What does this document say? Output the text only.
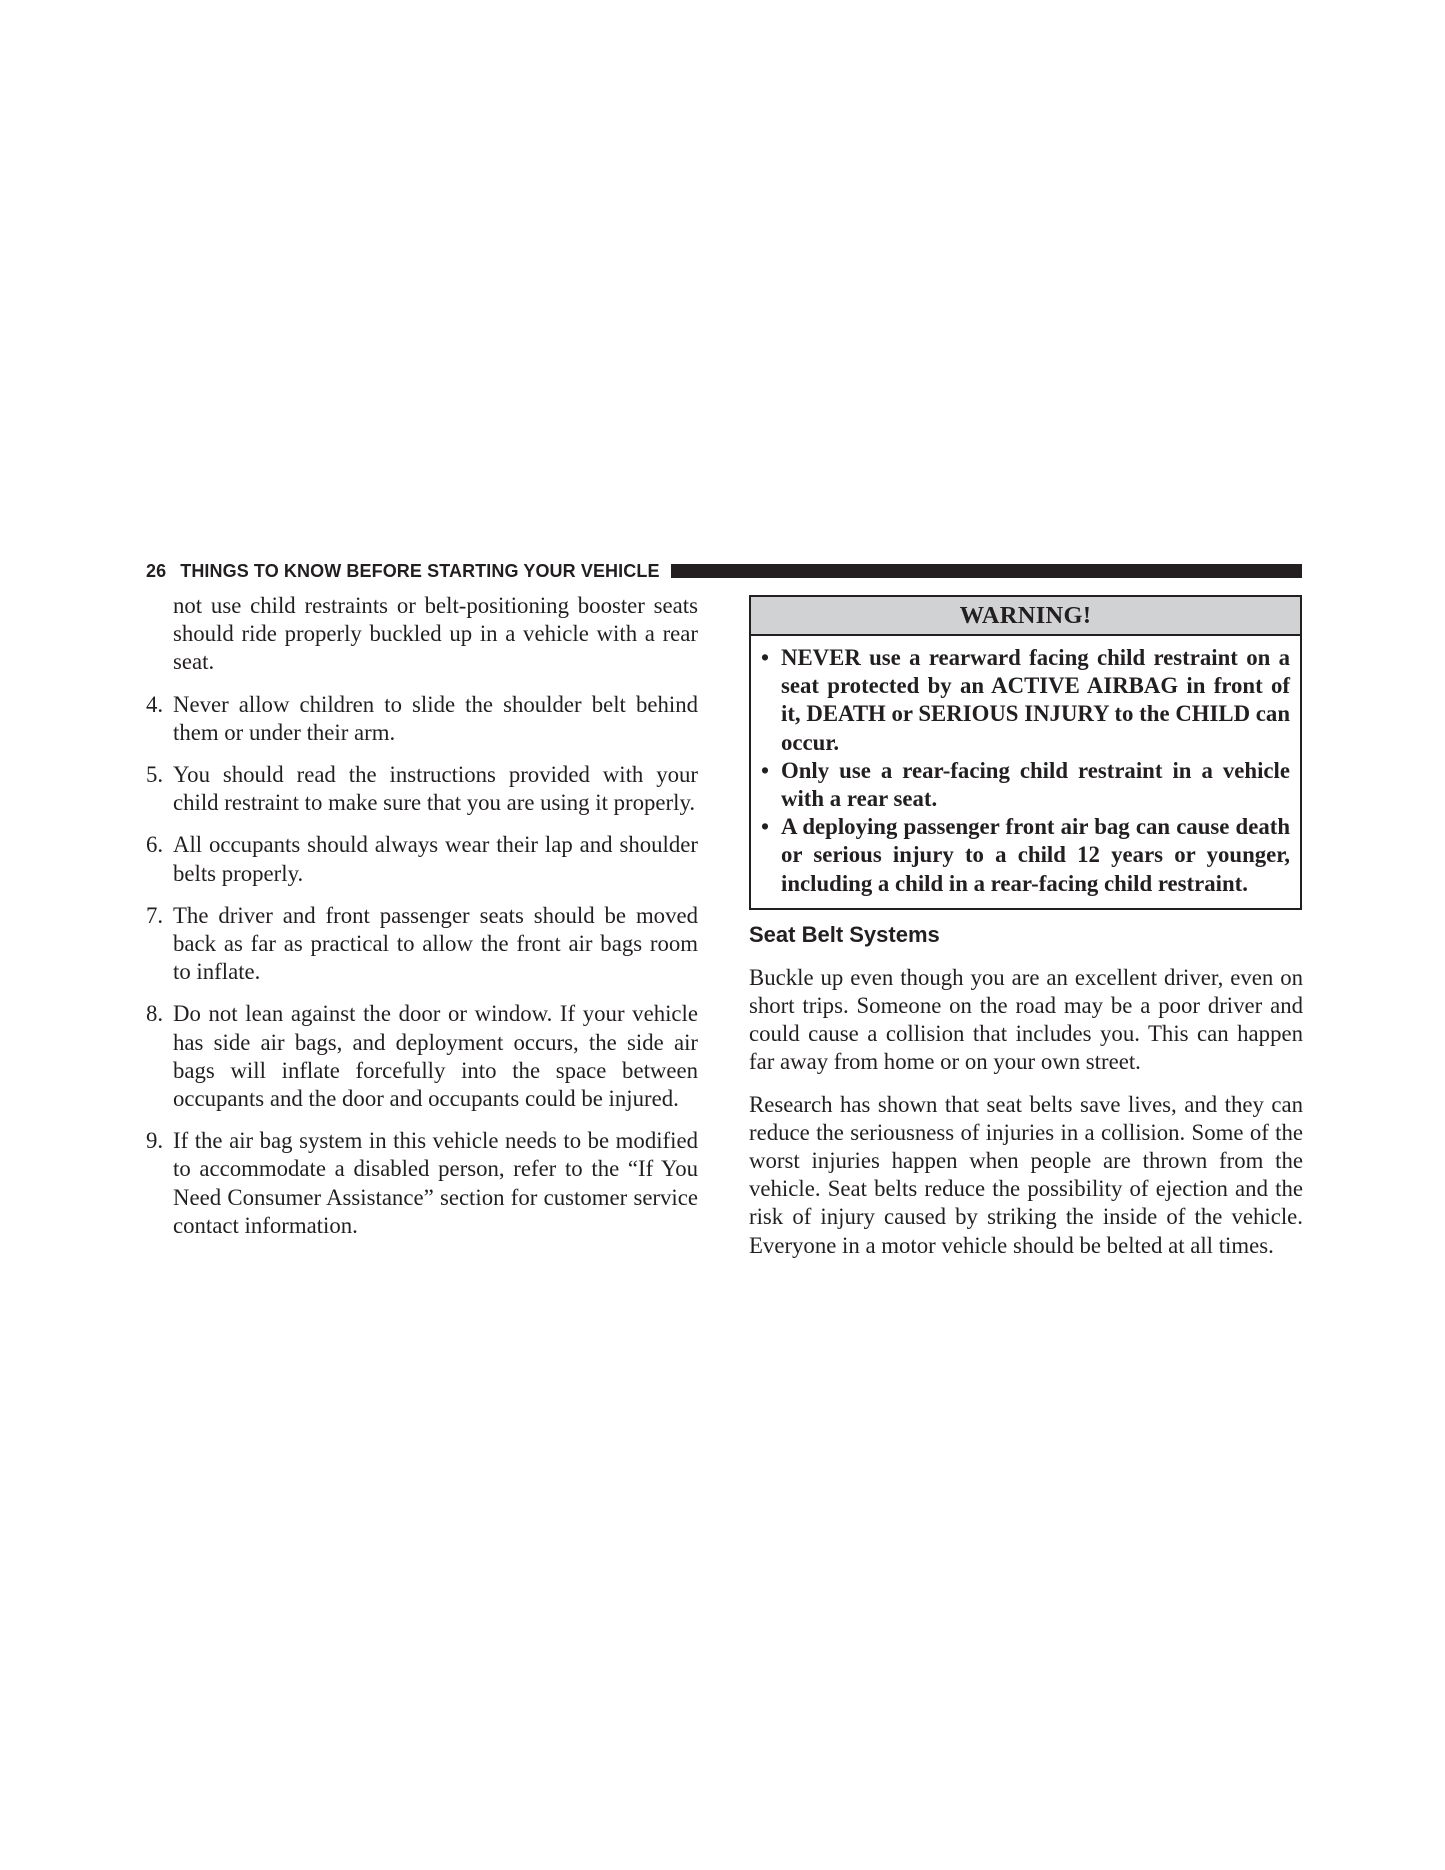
26 THINGS TO KNOW BEFORE STARTING YOUR VEHICLE

not use child restraints or belt-positioning booster seats should ride properly buckled up in a vehicle with a rear seat.

4. Never allow children to slide the shoulder belt behind them or under their arm.
5. You should read the instructions provided with your child restraint to make sure that you are using it properly.
6. All occupants should always wear their lap and shoulder belts properly.
7. The driver and front passenger seats should be moved back as far as practical to allow the front air bags room to inflate.
8. Do not lean against the door or window. If your vehicle has side air bags, and deployment occurs, the side air bags will inflate forcefully into the space between occupants and the door and occupants could be injured.
9. If the air bag system in this vehicle needs to be modified to accommodate a disabled person, refer to the “If You Need Consumer Assistance” section for customer service contact information.
WARNING!
• NEVER use a rearward facing child restraint on a seat protected by an ACTIVE AIRBAG in front of it, DEATH or SERIOUS INJURY to the CHILD can occur.
• Only use a rear-facing child restraint in a vehicle with a rear seat.
• A deploying passenger front air bag can cause death or serious injury to a child 12 years or younger, including a child in a rear-facing child restraint.
Seat Belt Systems

Buckle up even though you are an excellent driver, even on short trips. Someone on the road may be a poor driver and could cause a collision that includes you. This can happen far away from home or on your own street.

Research has shown that seat belts save lives, and they can reduce the seriousness of injuries in a collision. Some of the worst injuries happen when people are thrown from the vehicle. Seat belts reduce the possibility of ejection and the risk of injury caused by striking the inside of the vehicle. Everyone in a motor vehicle should be belted at all times.
